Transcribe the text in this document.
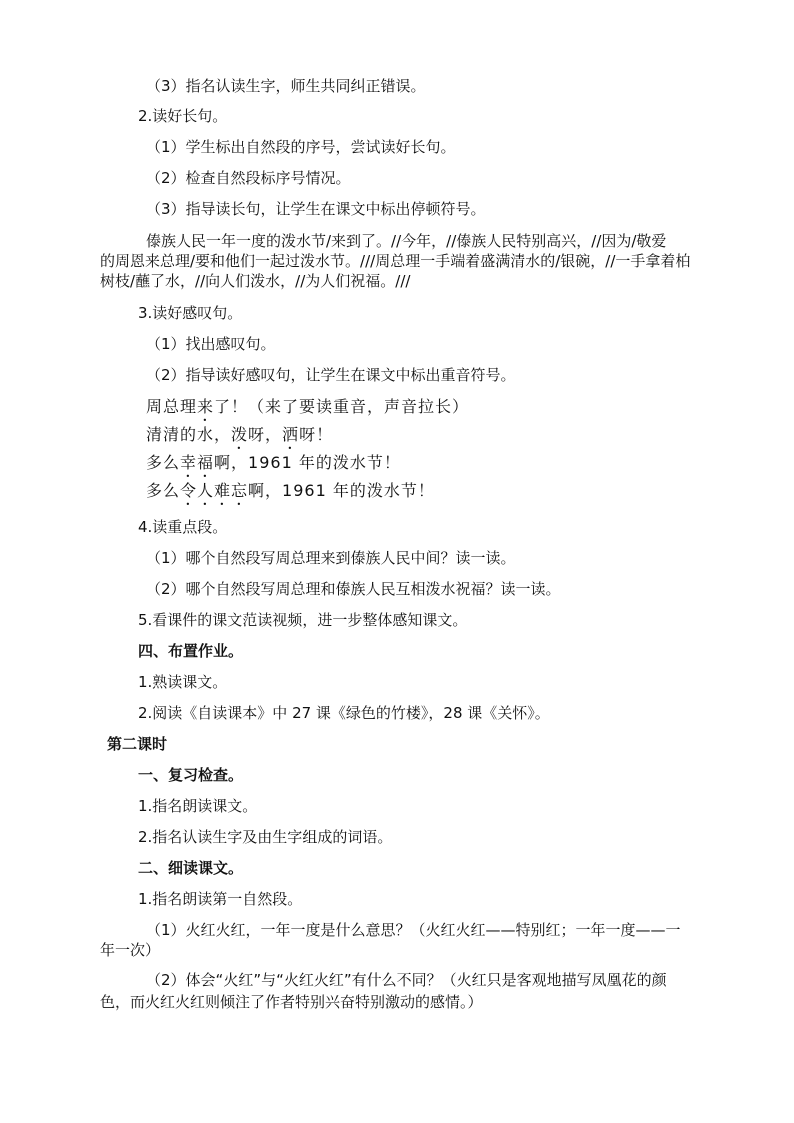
（3）指名认读生字，师生共同纠正错误。
2.读好长句。
（1）学生标出自然段的序号，尝试读好长句。
（2）检查自然段标序号情况。
（3）指导读长句，让学生在课文中标出停顿符号。
傣族人民一年一度的泼水节/来到了。//今年，//傣族人民特别高兴，//因为/敬爱
的周恩来总理/要和他们一起过泼水节。///周总理一手端着盛满清水的/银碗，//一手拿着柏
树枝/蘸了水，//向人们泼水，//为人们祝福。///
3.读好感叹句。
（1）找出感叹句。
（2）指导读好感叹句，让学生在课文中标出重音符号。
周总理来了！（来了要读重音，声音拉长）
清清的水，泼呀，洒呀！
多么幸福啊，1961 年的泼水节！
多么令人难忘啊，1961 年的泼水节！
4.读重点段。
（1）哪个自然段写周总理来到傣族人民中间？读一读。
（2）哪个自然段写周总理和傣族人民互相泼水祝福？读一读。
5.看课件的课文范读视频，进一步整体感知课文。
四、布置作业。
1.熟读课文。
2.阅读《自读课本》中 27 课《绿色的竹楼》，28 课《关怀》。
第二课时
一、复习检查。
1.指名朗读课文。
2.指名认读生字及由生字组成的词语。
二、细读课文。
1.指名朗读第一自然段。
（1）火红火红，一年一度是什么意思？（火红火红——特别红；一年一度——一
年一次）
（2）体会“火红”与“火红火红”有什么不同？（火红只是客观地描写凤凰花的颜
色，而火红火红则倾注了作者特别兴奋特别激动的感情。）
